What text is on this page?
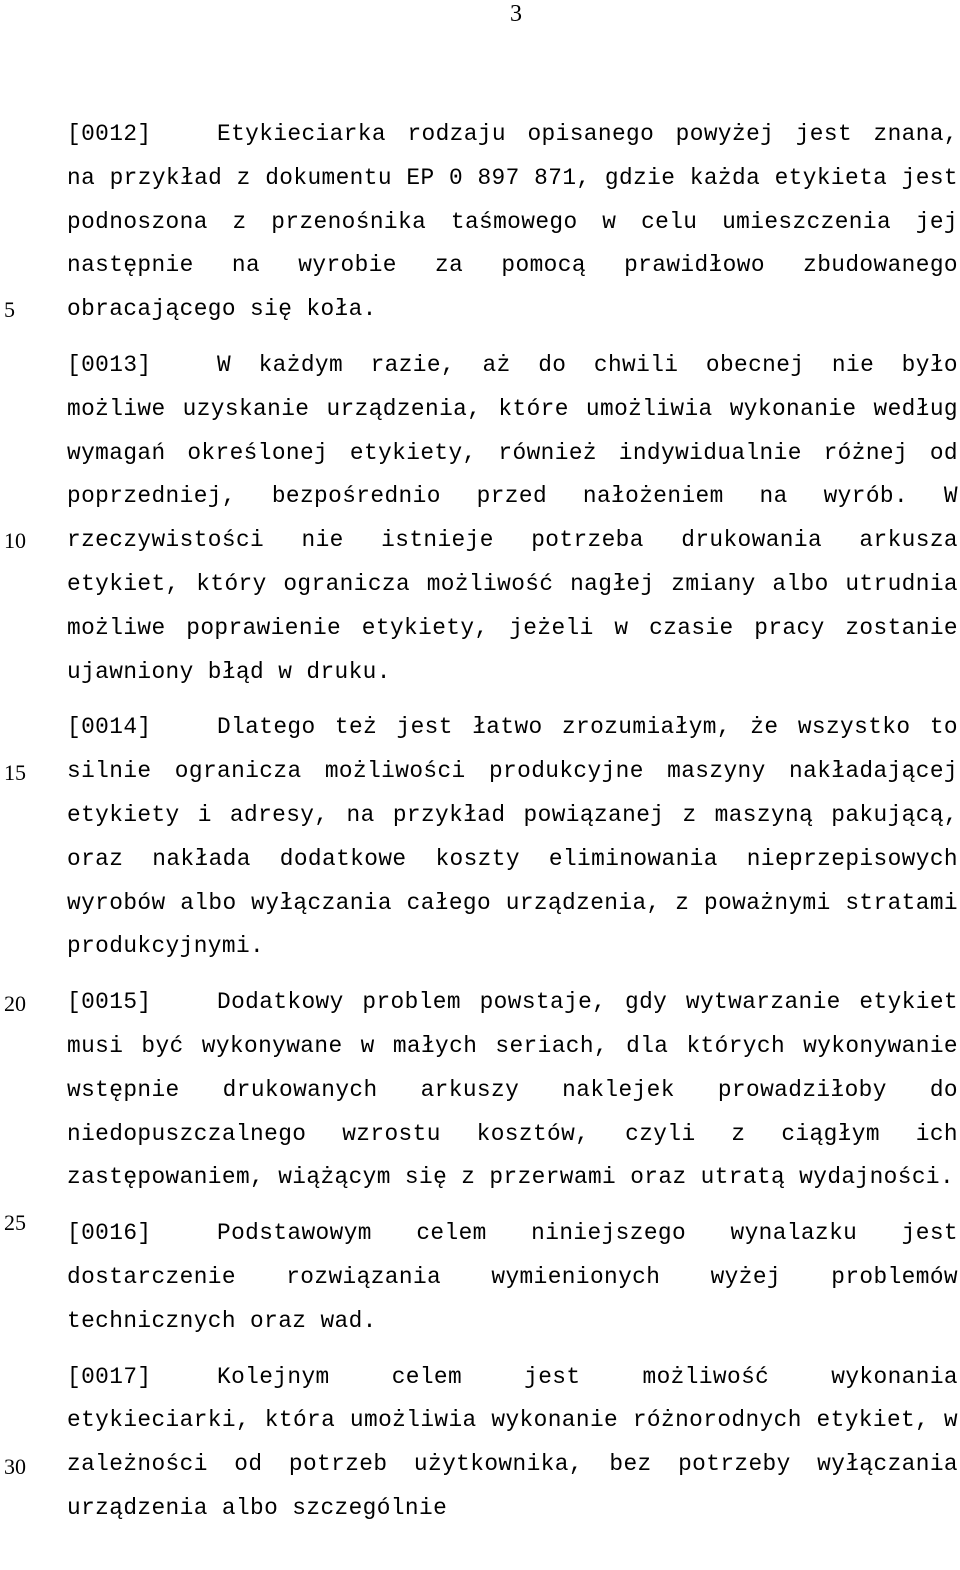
3
5
10
15
20
25
30

[0012]	Etykieciarka rodzaju opisanego powyżej jest znana, na przykład z dokumentu EP 0 897 871, gdzie każda etykieta jest podnoszona z przenośnika taśmowego w celu umieszczenia jej następnie na wyrobie za pomocą prawidłowo zbudowanego obracającego się koła.

[0013]	W każdym razie, aż do chwili obecnej nie było możliwe uzyskanie urządzenia, które umożliwia wykonanie według wymagań określonej etykiety, również indywidualnie różnej od poprzedniej, bezpośrednio przed nałożeniem na wyrób. W rzeczywistości nie istnieje potrzeba drukowania arkusza etykiet, który ogranicza możliwość nagłej zmiany albo utrudnia możliwe poprawienie etykiety, jeżeli w czasie pracy zostanie ujawniony błąd w druku.

[0014]	Dlatego też jest łatwo zrozumiałym, że wszystko to silnie ogranicza możliwości produkcyjne maszyny nakładającej etykiety i adresy, na przykład powiązanej z maszyną pakującą, oraz nakłada dodatkowe koszty eliminowania nieprzepisowych wyrobów albo wyłączania całego urządzenia, z poważnymi stratami produkcyjnymi.

[0015]	Dodatkowy problem powstaje, gdy wytwarzanie etykiet musi być wykonywane w małych seriach, dla których wykonywanie wstępnie drukowanych arkuszy naklejek prowadziłoby do niedopuszczalnego wzrostu kosztów, czyli z ciągłym ich zastępowaniem, wiążącym się z przerwami oraz utratą wydajności.

[0016]	Podstawowym celem niniejszego wynalazku jest dostarczenie rozwiązania wymienionych wyżej problemów technicznych oraz wad.

[0017]	Kolejnym celem jest możliwość wykonania etykieciarki, która umożliwia wykonanie różnorodnych etykiet, w zależności od potrzeb użytkownika, bez potrzeby wyłączania urządzenia albo szczególnie
